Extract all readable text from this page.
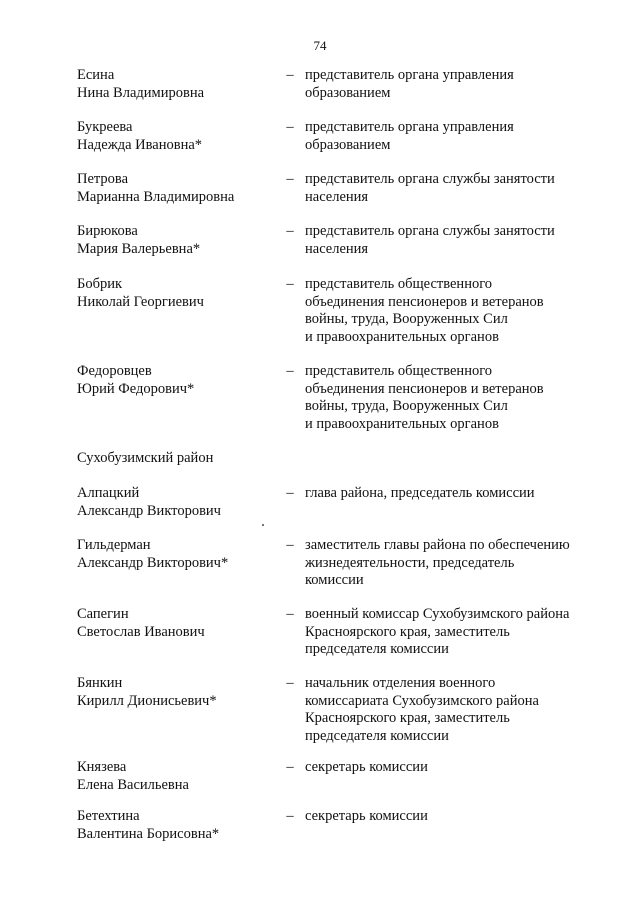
74
Есина
Нина Владимировна
– представитель органа управления
образованием
Букреева
Надежда Ивановна*
– представитель органа управления
образованием
Петрова
Марианна Владимировна
– представитель органа службы занятости
населения
Бирюкова
Мария Валерьевна*
– представитель органа службы занятости
населения
Бобрик
Николай Георгиевич
– представитель общественного
объединения пенсионеров и ветеранов
войны, труда, Вооруженных Сил
и правоохранительных органов
Федоровцев
Юрий Федорович*
– представитель общественного
объединения пенсионеров и ветеранов
войны, труда, Вооруженных Сил
и правоохранительных органов
Сухобузимский район
Алпацкий
Александр Викторович
– глава района, председатель комиссии
Гильдерман
Александр Викторович*
– заместитель главы района по обеспечению
жизнедеятельности, председатель
комиссии
Сапегин
Светослав Иванович
– военный комиссар Сухобузимского района
Красноярского края, заместитель
председателя комиссии
Бянкин
Кирилл Дионисьевич*
– начальник отделения военного
комиссариата Сухобузимского района
Красноярского края, заместитель
председателя комиссии
Князева
Елена Васильевна
– секретарь комиссии
Бетехтина
Валентина Борисовна*
– секретарь комиссии
